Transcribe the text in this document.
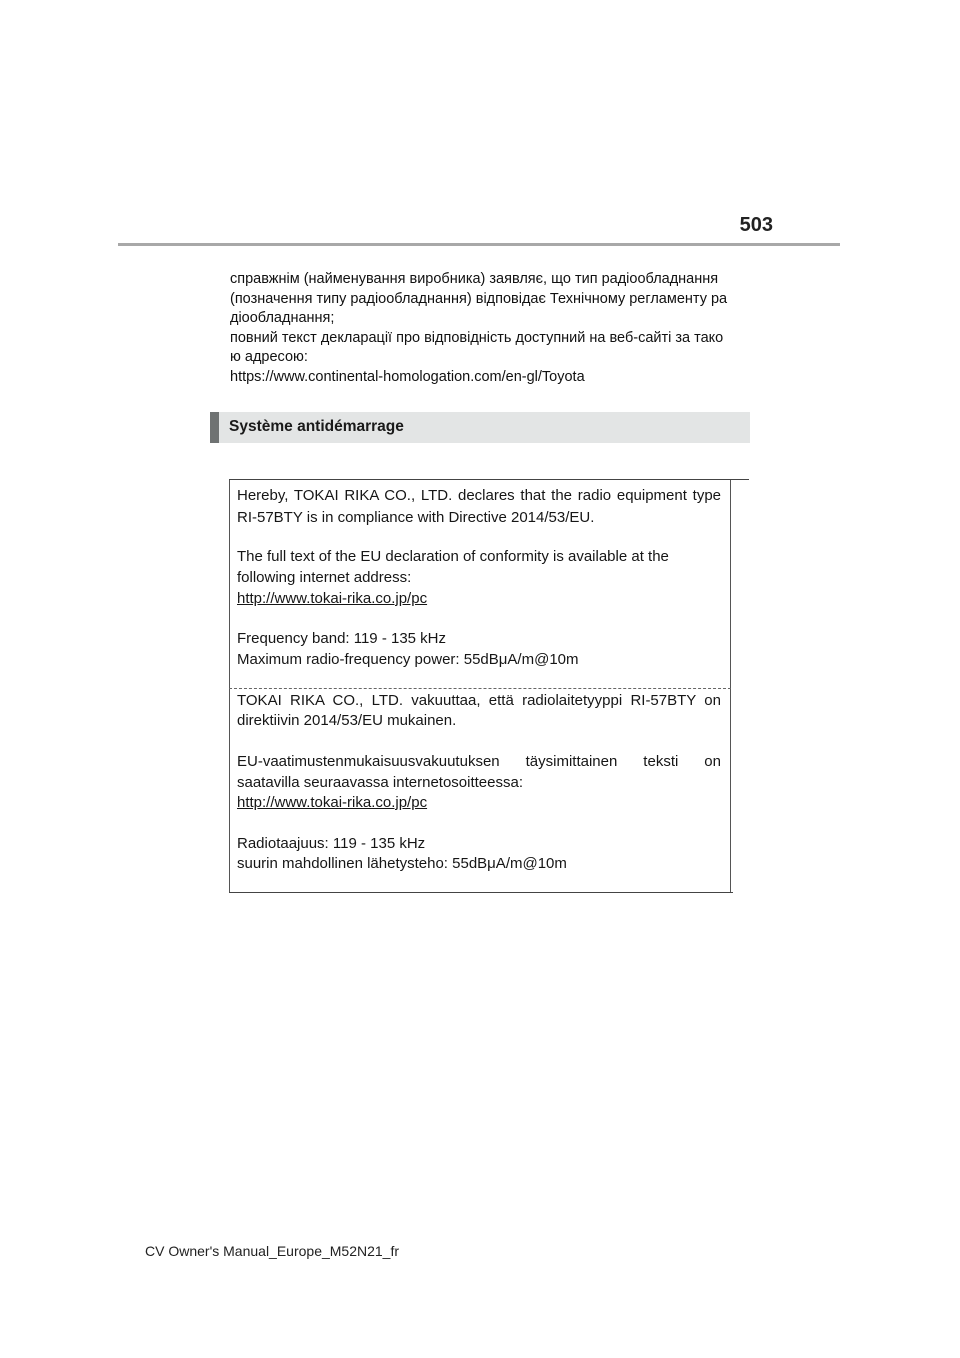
503
справжнім (найменування виробника) заявляє, що тип радіообладнання
(позначення типу радіообладнання) відповідає Технічному регламенту ра
діообладнання;
повний текст декларації про відповідність доступний на веб-сайті за тако
ю адресою:
https://www.continental-homologation.com/en-gl/Toyota
Système antidémarrage
Hereby, TOKAI RIKA CO., LTD. declares that the radio equipment type
RI-57BTY is in compliance with Directive 2014/53/EU.
The full text of the EU declaration of conformity is available at the
following internet address:
http://www.tokai-rika.co.jp/pc
Frequency band: 119 - 135 kHz
Maximum radio-frequency power: 55dBμA/m@10m
TOKAI RIKA CO., LTD. vakuuttaa, että radiolaitetyyppi RI-57BTY on
direktiivin 2014/53/EU mukainen.
EU-vaatimustenmukaisuusvakuutuksen täysimittainen teksti on
saatavilla seuraavassa internetosoitteessa:
http://www.tokai-rika.co.jp/pc
Radiotaajuus: 119 - 135 kHz
suurin mahdollinen lähetysteho: 55dBμA/m@10m
CV Owner's Manual_Europe_M52N21_fr
